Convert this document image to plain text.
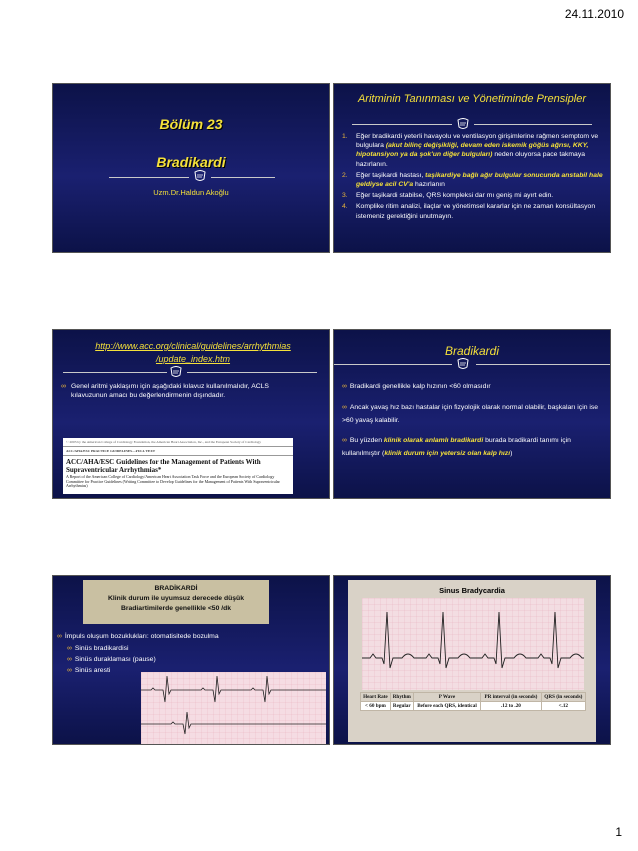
24.11.2010
Bölüm 23
Bradikardi
Uzm.Dr.Haldun Akoğlu
Aritminin Tanınması ve Yönetiminde Prensipler
1. Eğer bradikardi yeterli havayolu ve ventilasyon girişimlerine rağmen semptom ve bulgulara (akut bilinç değişikliği, devam eden iskemik göğüs ağrısı, KKY, hipotansiyon ya da şok'un diğer bulguları) neden oluyorsa pace takmaya hazırlanın.
2. Eğer taşikardi hastası, taşikardiye bağlı ağır bulgular sonucunda anstabil hale geldiyse acil CV'a hazırlanın
3. Eğer taşikardi stabilse, QRS kompleksi dar mı geniş mi ayırt edin.
4. Komplike ritim analizi, ilaçlar ve yönetimsel kararlar için ne zaman konsültasyon istemeniz gerektiğini unutmayın.
http://www.acc.org/clinical/guidelines/arrhythmias
/update_index.htm
∞ Genel aritmi yaklaşımı için aşağıdaki kılavuz kullanılmalıdır, ACLS kılavuzunun amacı bu değerlendirmenin dışındadır.
© 2003 by the American College of Cardiology Foundation, the American Heart Association, Inc., and the European Society of Cardiology
ACC/AHA/ESC PRACTICE GUIDELINES—FULL TEXT
ACC/AHA/ESC Guidelines for the Management of Patients With Supraventricular Arrhythmias*
A Report of the American College of Cardiology/American Heart Association Task Force and the European Society of Cardiology Committee for Practice Guidelines (Writing Committee to Develop Guidelines for the Management of Patients With Supraventricular Arrhythmias)
Bradikardi
∞ Bradikardi genellikle kalp hızının <60 olmasıdır
∞ Ancak yavaş hız bazı hastalar için fizyolojik olarak normal olabilir, başkaları için ise >60 yavaş kalabilir.
∞ Bu yüzden klinik olarak anlamlı bradikardi burada bradikardi tanımı için kullanılmıştır (klinik durum için yetersiz olan kalp hızı)
BRADİKARDİ
Klinik durum ile uyumsuz derecede düşük
Bradiartimilerde genellikle <50 /dk
∞ İmpuls oluşum bozuklukları: otomatisitede bozulma
∞ Sinüs bradikardisi
∞ Sinüs duraklaması (pause)
∞ Sinüs aresti
Sinus Bradycardia
Heart Rate	Rhythm	P Wave	PR interval (in seconds)	QRS (in seconds)
< 60 bpm	Regular	Before each QRS, identical	.12 to .20	<.12
1
